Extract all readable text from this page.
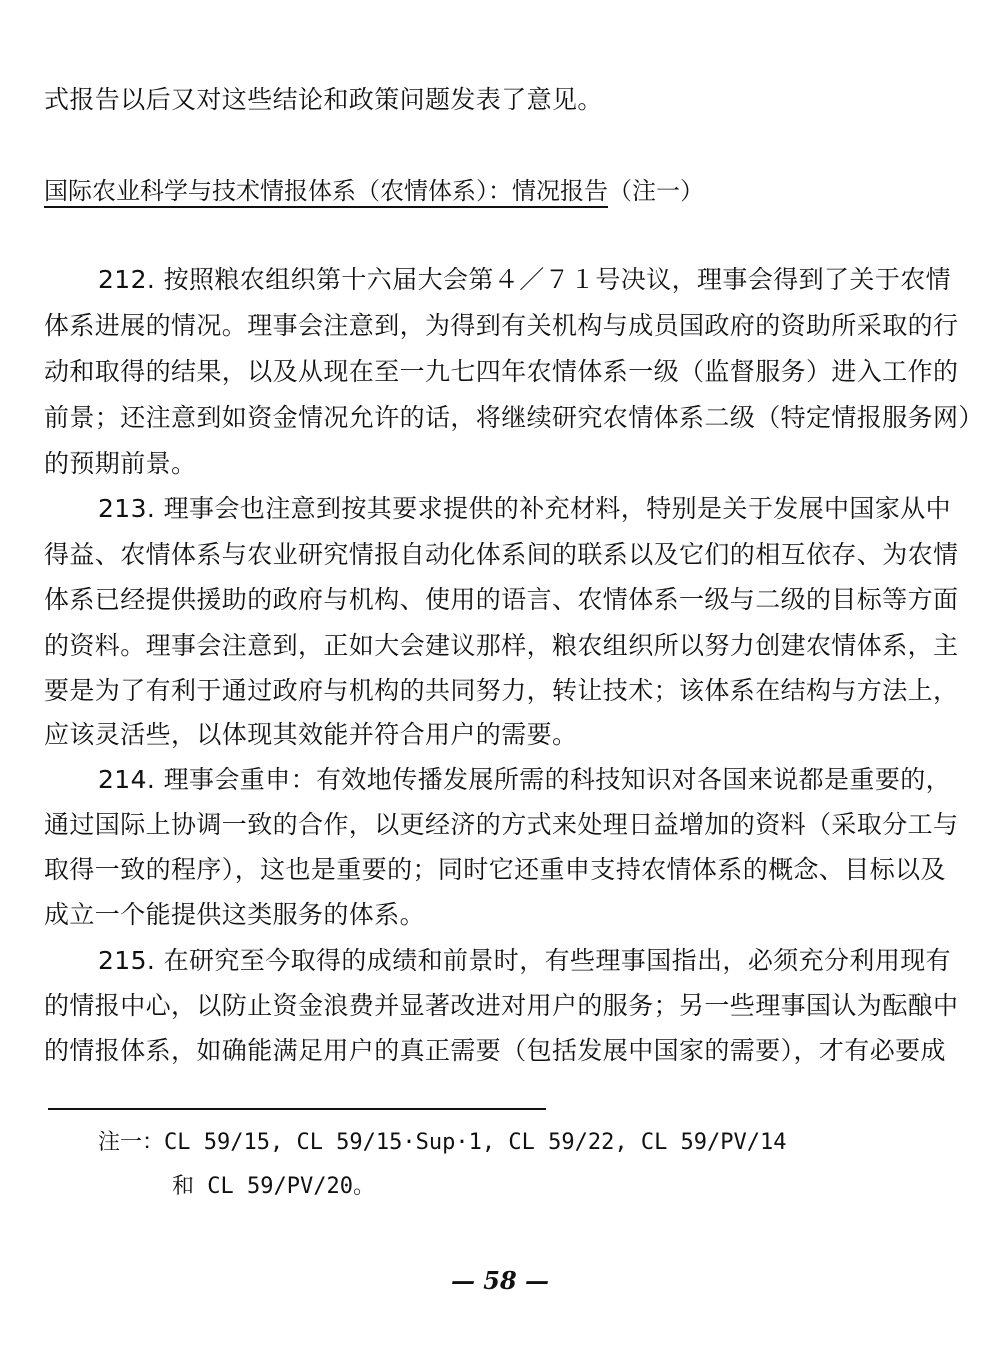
式报告以后又对这些结论和政策问题发表了意见。
国际农业科学与技术情报体系（农情体系）：情况报告（注一）
212. 按照粮农组织第十六届大会第４／７１号决议，理事会得到了关于农情
体系进展的情况。理事会注意到，为得到有关机构与成员国政府的资助所采取的行
动和取得的结果，以及从现在至一九七四年农情体系一级（监督服务）进入工作的
前景；还注意到如资金情况允许的话，将继续研究农情体系二级（特定情报服务网）
的预期前景。
213. 理事会也注意到按其要求提供的补充材料，特别是关于发展中国家从中
得益、农情体系与农业研究情报自动化体系间的联系以及它们的相互依存、为农情
体系已经提供援助的政府与机构、使用的语言、农情体系一级与二级的目标等方面
的资料。理事会注意到，正如大会建议那样，粮农组织所以努力创建农情体系，主
要是为了有利于通过政府与机构的共同努力，转让技术；该体系在结构与方法上，
应该灵活些，以体现其效能并符合用户的需要。
214. 理事会重申：有效地传播发展所需的科技知识对各国来说都是重要的，
通过国际上协调一致的合作，以更经济的方式来处理日益增加的资料（采取分工与
取得一致的程序），这也是重要的；同时它还重申支持农情体系的概念、目标以及
成立一个能提供这类服务的体系。
215. 在研究至今取得的成绩和前景时，有些理事国指出，必须充分利用现有
的情报中心，以防止资金浪费并显著改进对用户的服务；另一些理事国认为酝酿中
的情报体系，如确能满足用户的真正需要（包括发展中国家的需要），才有必要成
注一：CL 59/15, CL 59/15·Sup·1, CL 59/22, CL 59/PV/14
和 CL 59/PV/20。
— 58 —
